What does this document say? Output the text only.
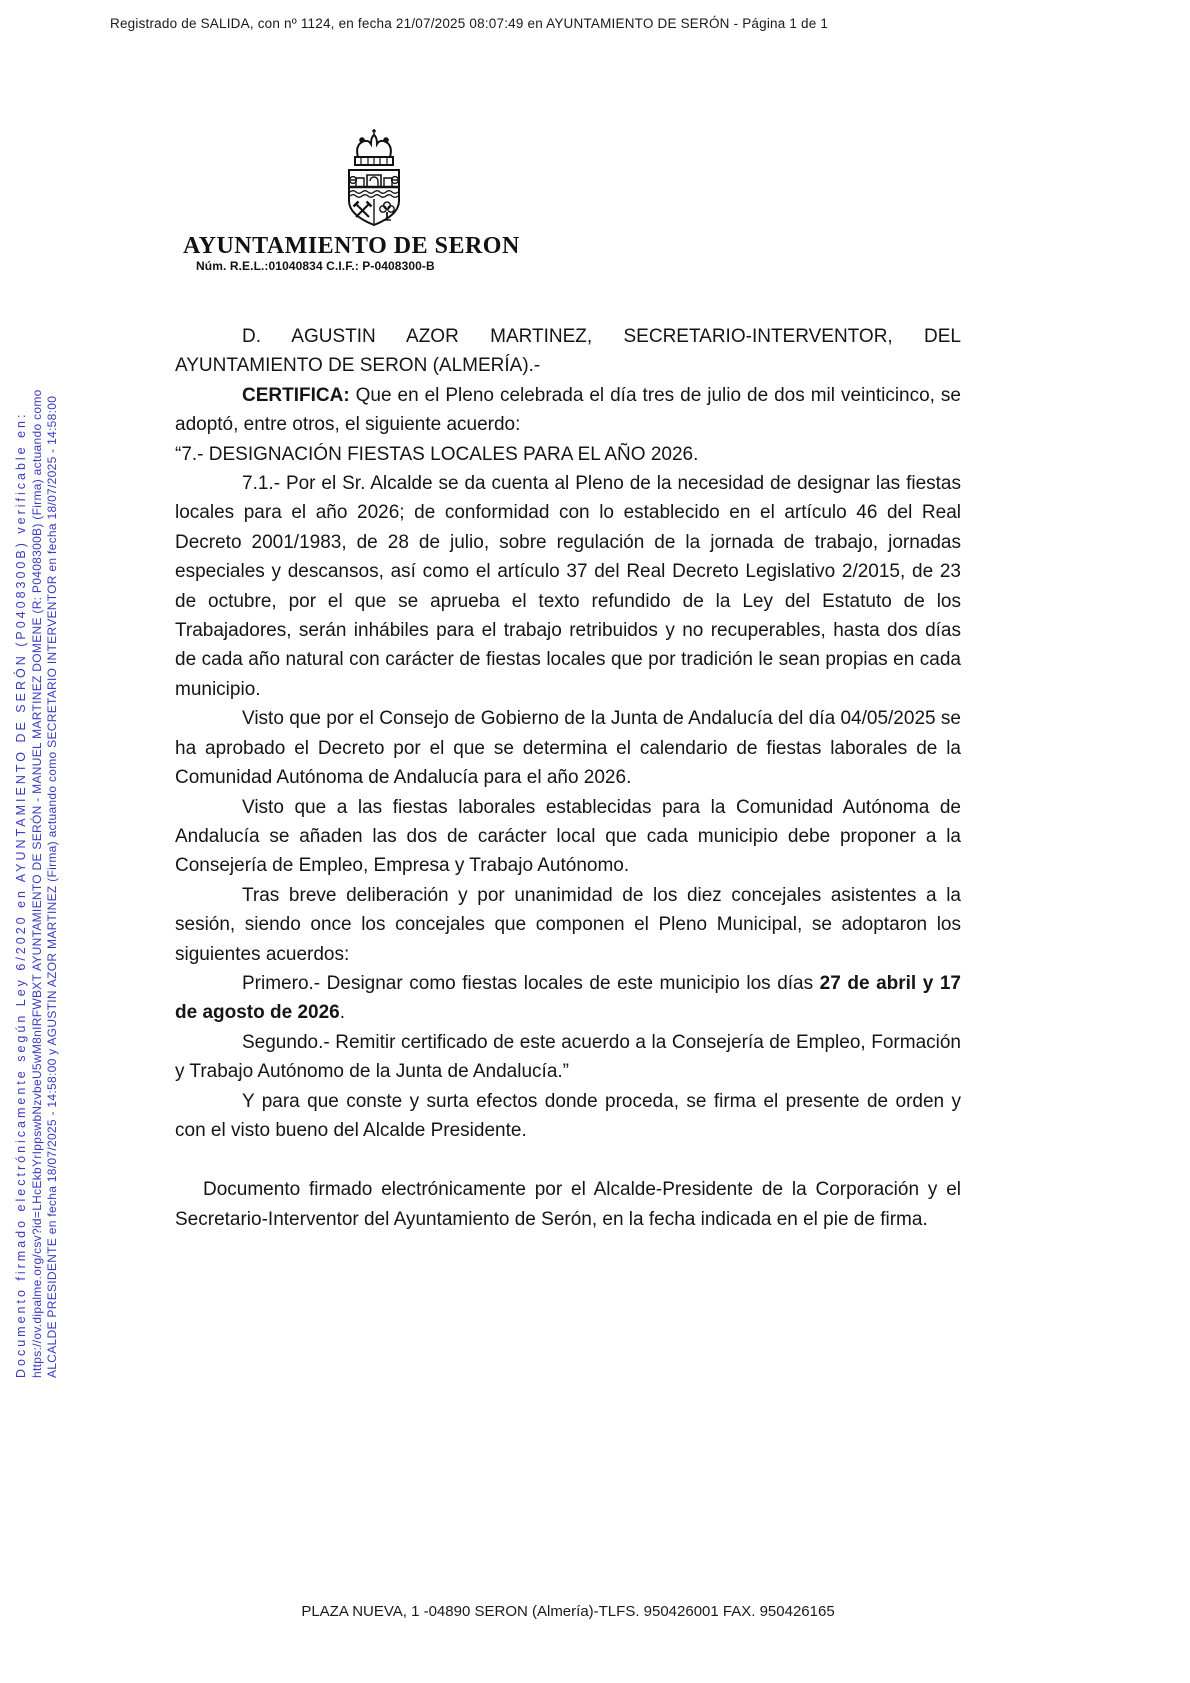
Registrado de SALIDA, con nº 1124, en fecha 21/07/2025 08:07:49 en AYUNTAMIENTO DE SERÓN - Página 1 de 1
Documento firmado electrónicamente según Ley 6/2020 en AYUNTAMIENTO DE SERÓN (P0408300B) verificable en: https://ov.dipalme.org/csv?id=LHcEkbYrIppswbNzvbeU5wM8nIRFWBXT AYUNTAMIENTO DE SERÓN - MANUEL MARTINEZ DOMENE (R: P0408300B) (Firma) actuando como ALCALDE PRESIDENTE en fecha 18/07/2025 - 14:58:00 y AGUSTIN AZOR MARTINEZ (Firma) actuando como SECRETARIO INTERVENTOR en fecha 18/07/2025 - 14:58:00
AYUNTAMIENTO DE SERON
Núm. R.E.L.:01040834 C.I.F.: P-0408300-B

D. AGUSTIN AZOR MARTINEZ, SECRETARIO-INTERVENTOR, DEL AYUNTAMIENTO DE SERON (ALMERÍA).-

CERTIFICA: Que en el Pleno celebrada el día tres de julio de dos mil veinticinco, se adoptó, entre otros, el siguiente acuerdo:

“7.- DESIGNACIÓN FIESTAS LOCALES PARA EL AÑO 2026.

7.1.- Por el Sr. Alcalde se da cuenta al Pleno de la necesidad de designar las fiestas locales para el año 2026; de conformidad con lo establecido en el artículo 46 del Real Decreto 2001/1983, de 28 de julio, sobre regulación de la jornada de trabajo, jornadas especiales y descansos, así como el artículo 37 del Real Decreto Legislativo 2/2015, de 23 de octubre, por el que se aprueba el texto refundido de la Ley del Estatuto de los Trabajadores, serán inhábiles para el trabajo retribuidos y no recuperables, hasta dos días de cada año natural con carácter de fiestas locales que por tradición le sean propias en cada municipio.

Visto que por el Consejo de Gobierno de la Junta de Andalucía del día 04/05/2025 se ha aprobado el Decreto por el que se determina el calendario de fiestas laborales de la Comunidad Autónoma de Andalucía para el año 2026.

Visto que a las fiestas laborales establecidas para la Comunidad Autónoma de Andalucía se añaden las dos de carácter local que cada municipio debe proponer a la Consejería de Empleo, Empresa y Trabajo Autónomo.

Tras breve deliberación y por unanimidad de los diez concejales asistentes a la sesión, siendo once los concejales que componen el Pleno Municipal, se adoptaron los siguientes acuerdos:

Primero.- Designar como fiestas locales de este municipio los días 27 de abril y 17 de agosto de 2026.

Segundo.- Remitir certificado de este acuerdo a la Consejería de Empleo, Formación y Trabajo Autónomo de la Junta de Andalucía.”

Y para que conste y surta efectos donde proceda, se firma el presente de orden y con el visto bueno del Alcalde Presidente.

Documento firmado electrónicamente por el Alcalde-Presidente de la Corporación y el Secretario-Interventor del Ayuntamiento de Serón, en la fecha indicada en el pie de firma.

PLAZA NUEVA, 1 -04890 SERON (Almería)-TLFS. 950426001 FAX. 950426165
